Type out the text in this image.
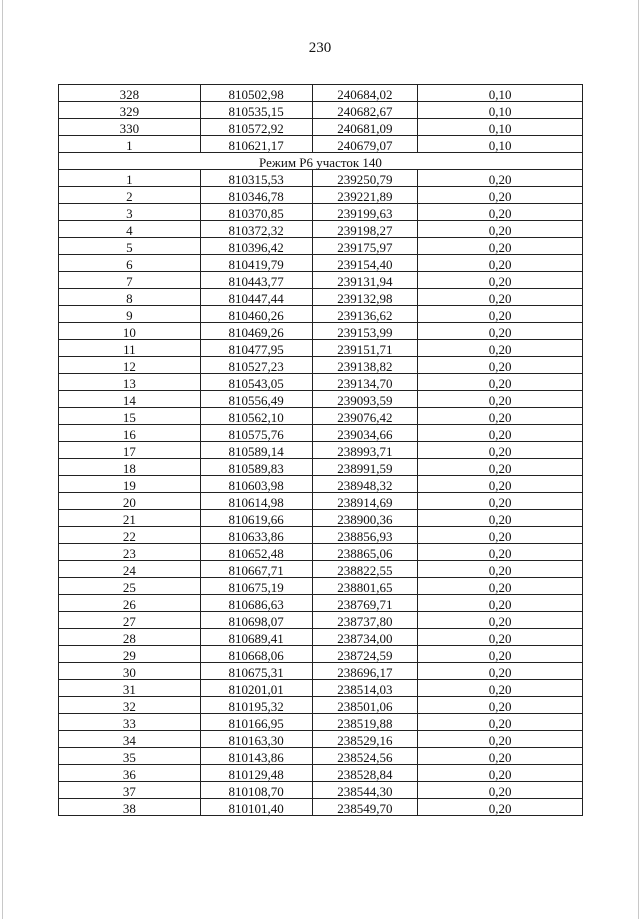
230
328	810502,98	240684,02	0,10
329	810535,15	240682,67	0,10
330	810572,92	240681,09	0,10
1	810621,17	240679,07	0,10
Режим Р6 участок 140			
1	810315,53	239250,79	0,20
2	810346,78	239221,89	0,20
3	810370,85	239199,63	0,20
4	810372,32	239198,27	0,20
5	810396,42	239175,97	0,20
6	810419,79	239154,40	0,20
7	810443,77	239131,94	0,20
8	810447,44	239132,98	0,20
9	810460,26	239136,62	0,20
10	810469,26	239153,99	0,20
11	810477,95	239151,71	0,20
12	810527,23	239138,82	0,20
13	810543,05	239134,70	0,20
14	810556,49	239093,59	0,20
15	810562,10	239076,42	0,20
16	810575,76	239034,66	0,20
17	810589,14	238993,71	0,20
18	810589,83	238991,59	0,20
19	810603,98	238948,32	0,20
20	810614,98	238914,69	0,20
21	810619,66	238900,36	0,20
22	810633,86	238856,93	0,20
23	810652,48	238865,06	0,20
24	810667,71	238822,55	0,20
25	810675,19	238801,65	0,20
26	810686,63	238769,71	0,20
27	810698,07	238737,80	0,20
28	810689,41	238734,00	0,20
29	810668,06	238724,59	0,20
30	810675,31	238696,17	0,20
31	810201,01	238514,03	0,20
32	810195,32	238501,06	0,20
33	810166,95	238519,88	0,20
34	810163,30	238529,16	0,20
35	810143,86	238524,56	0,20
36	810129,48	238528,84	0,20
37	810108,70	238544,30	0,20
38	810101,40	238549,70	0,20
